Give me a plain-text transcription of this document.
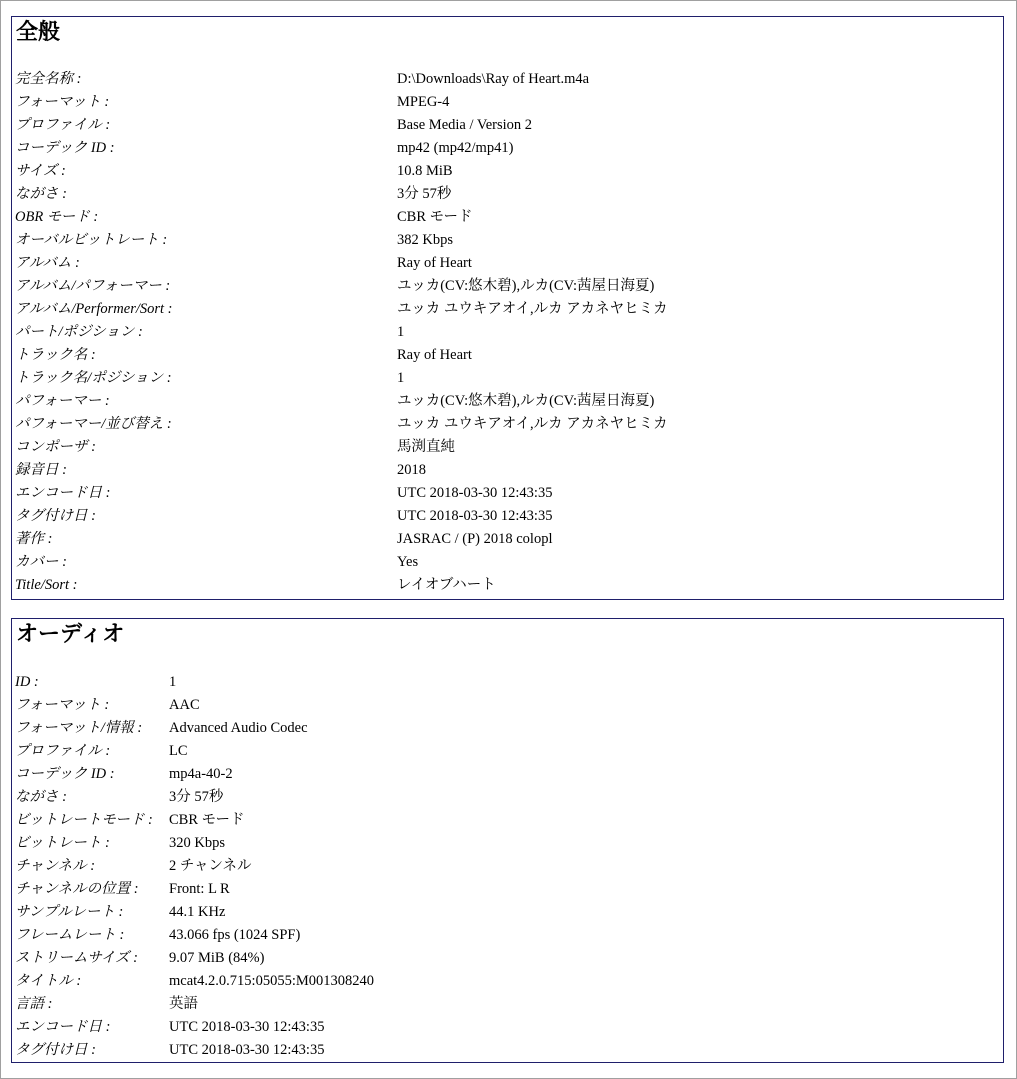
全般
完全名称 :	D:\Downloads\Ray of Heart.m4a
フォーマット :	MPEG-4
プロファイル :	Base Media / Version 2
コーデック ID :	mp42 (mp42/mp41)
サイズ :	10.8 MiB
ながさ :	3分 57秒
OBR モード :	CBR モード
オーバルビットレート :	382 Kbps
アルバム :	Ray of Heart
アルバム/パフォーマー :	ユッカ(CV:悠木碧),ルカ(CV:茜屋日海夏)
アルバム/Performer/Sort :	ユッカ ユウキアオイ,ルカ アカネヤヒミカ
パート/ポジション :	1
トラック名 :	Ray of Heart
トラック名/ポジション :	1
パフォーマー :	ユッカ(CV:悠木碧),ルカ(CV:茜屋日海夏)
パフォーマー/並び替え :	ユッカ ユウキアオイ,ルカ アカネヤヒミカ
コンポーザ :	馬渕直純
録音日 :	2018
エンコード日 :	UTC 2018-03-30 12:43:35
タグ付け日 :	UTC 2018-03-30 12:43:35
著作 :	JASRAC / (P) 2018 colopl
カバー :	Yes
Title/Sort :	レイオブハート
オーディオ
ID :	1
フォーマット :	AAC
フォーマット/情報 : Advanced Audio Codec
プロファイル :	LC
コーデック ID :	mp4a-40-2
ながさ :	3分 57秒
ビットレートモード : CBR モード
ビットレート :	320 Kbps
チャンネル :	2 チャンネル
チャンネルの位置 : Front: L R
サンプルレート :	44.1 KHz
フレームレート :	43.066 fps (1024 SPF)
ストリームサイズ : 9.07 MiB (84%)
タイトル :	mcat4.2.0.715:05055:M001308240
言語 :	英語
エンコード日 :	UTC 2018-03-30 12:43:35
タグ付け日 :	UTC 2018-03-30 12:43:35
